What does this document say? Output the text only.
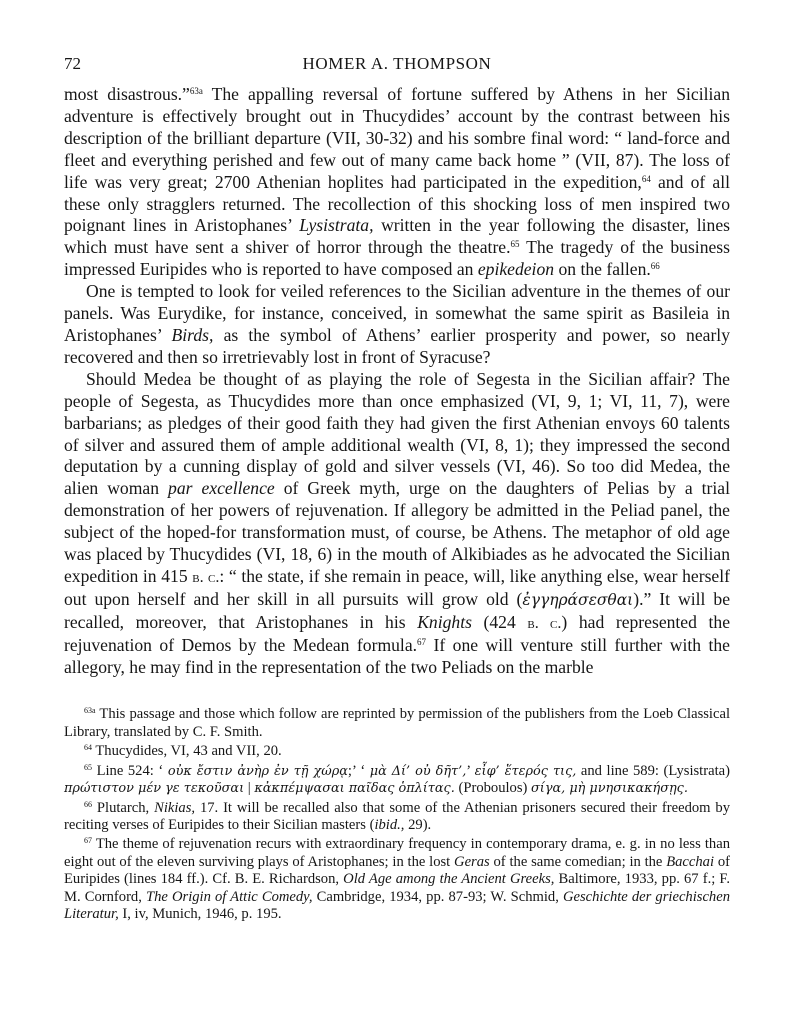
72	HOMER A. THOMPSON

most disastrous.”$^{63a}$ The appalling reversal of fortune suffered by Athens in her Sicilian adventure is effectively brought out in Thucydides’ account by the contrast between his description of the brilliant departure (VII, 30-32) and his sombre final word: “ land-force and fleet and everything perished and few out of many came back home ” (VII, 87). The loss of life was very great; 2700 Athenian hoplites had participated in the expedition,$^{64}$ and of all these only stragglers returned. The recollection of this shocking loss of men inspired two poignant lines in Aristophanes’ Lysistrata, written in the year following the disaster, lines which must have sent a shiver of horror through the theatre.$^{65}$ The tragedy of the business impressed Euripides who is reported to have composed an epikedeion on the fallen.$^{66}$

One is tempted to look for veiled references to the Sicilian adventure in the themes of our panels. Was Eurydike, for instance, conceived, in somewhat the same spirit as Basileia in Aristophanes’ Birds, as the symbol of Athens’ earlier prosperity and power, so nearly recovered and then so irretrievably lost in front of Syracuse?

Should Medea be thought of as playing the role of Segesta in the Sicilian affair? The people of Segesta, as Thucydides more than once emphasized (VI, 9, 1; VI, 11, 7), were barbarians; as pledges of their good faith they had given the first Athenian envoys 60 talents of silver and assured them of ample additional wealth (VI, 8, 1); they impressed the second deputation by a cunning display of gold and silver vessels (VI, 46). So too did Medea, the alien woman par excellence of Greek myth, urge on the daughters of Pelias by a trial demonstration of her powers of rejuvenation. If allegory be admitted in the Peliad panel, the subject of the hoped-for transformation must, of course, be Athens. The metaphor of old age was placed by Thucydides (VI, 18, 6) in the mouth of Alkibiades as he advocated the Sicilian expedition in 415 b. c.: “ the state, if she remain in peace, will, like anything else, wear herself out upon herself and her skill in all pursuits will grow old (ἐγγηράσεσθαι).” It will be recalled, moreover, that Aristophanes in his Knights (424 b. c.) had represented the rejuvenation of Demos by the Medean formula.$^{67}$ If one will venture still further with the allegory, he may find in the representation of the two Peliads on the marble

$^{63a}$ This passage and those which follow are reprinted by permission of the publishers from the Loeb Classical Library, translated by C. F. Smith.

$^{64}$ Thucydides, VI, 43 and VII, 20.

$^{65}$ Line 524: ‘ οὐκ ἔστιν ἀνὴρ ἐν τῇ χώρᾳ;’ ‘ μὰ Δί’ οὐ δῆτ’,’ εἶφ’ ἕτερός τις, and line 589: (Lysistrata) πρώτιστον μέν γε τεκοῦσαι | κἀκπέμψασαι παῖδας ὁπλίτας. (Proboulos) σίγα, μὴ μνησικακήσῃς.

$^{66}$ Plutarch, Nikias, 17. It will be recalled also that some of the Athenian prisoners secured their freedom by reciting verses of Euripides to their Sicilian masters (ibid., 29).

$^{67}$ The theme of rejuvenation recurs with extraordinary frequency in contemporary drama, e. g. in no less than eight out of the eleven surviving plays of Aristophanes; in the lost Geras of the same comedian; in the Bacchai of Euripides (lines 184 ff.). Cf. B. E. Richardson, Old Age among the Ancient Greeks, Baltimore, 1933, pp. 67 f.; F. M. Cornford, The Origin of Attic Comedy, Cambridge, 1934, pp. 87-93; W. Schmid, Geschichte der griechischen Literatur, I, iv, Munich, 1946, p. 195.
